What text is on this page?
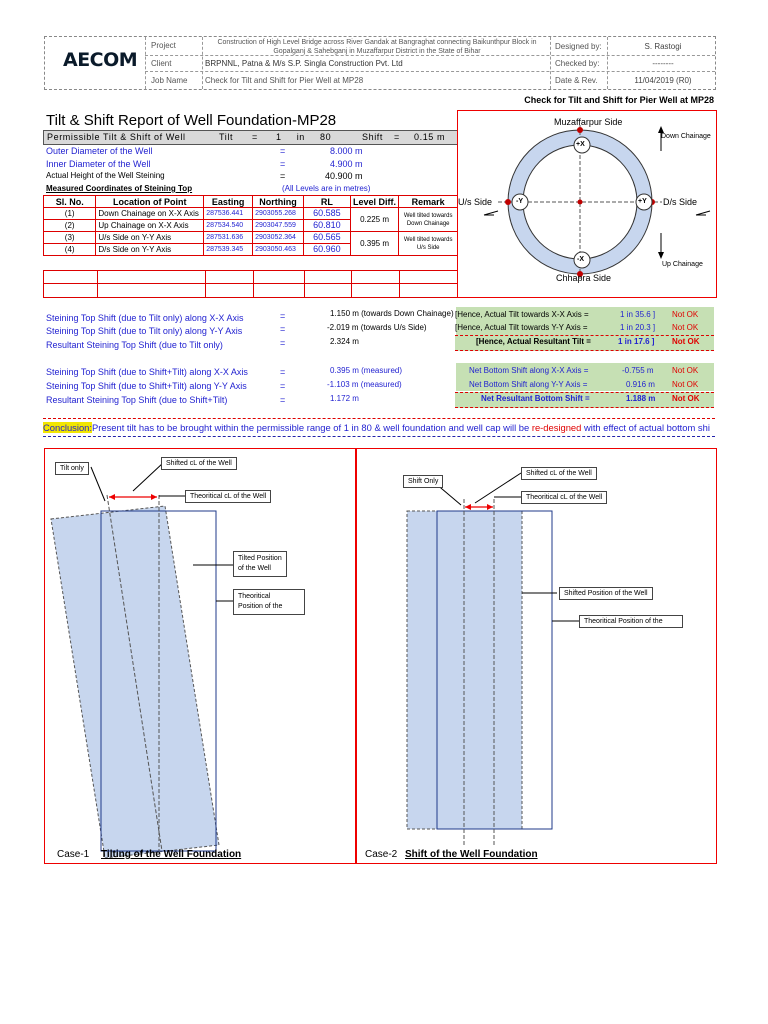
AECOM
Project	Construction of High Level Bridge across River Gandak at Bangraghat connecting Baikunthpur Block in
Gopalganj & Sahebganj in Muzaffarpur District in the State of Bihar
Client	BRPNNL, Patna & M/s S.P. Singla Construction Pvt. Ltd
Job Name Check for Tilt and Shift for Pier Well at MP28
Designed by:	S. Rastogi
Checked by:	--------
Date & Rev.	11/04/2019 (R0)
Check for Tilt and Shift for Pier Well at MP28
Tilt & Shift Report of Well Foundation-MP28
Permissible Tilt & Shift of Well	Tilt = 1 in 80	Shift = 0.15 m
Outer Diameter of the Well	=	8.000 m
Inner Diameter of the Well	=	4.900 m
Actual Height of the Well Steining	=	40.900 m
Measured Coordinates of Steining Top	(All Levels are in metres)
Sl. No.	Location of Point	Easting	Northing	RL	Level Diff.	Remark
(1)	Down Chainage on X-X Axis	287536.441	2903055.268	60.585	0.225 m	Well tilted towards Down Chainage
(2)	Up Chainage on X-X Axis	287534.540	2903047.559	60.810		
(3)	U/s Side on Y-Y Axis	287531.636	2903052.364	60.565	0.395 m	Well tilted towards U/s Side
(4)	D/s Side on Y-Y Axis	287539.345	2903050.463	60.960		
+X
-X
-Y	+Y
Muzaffarpur Side
Chhapra Side
U/s Side	D/s Side
Down Chainage
Up Chainage
Steining Top Shift (due to Tilt only) along X-X Axis	=	1.150 m (towards Down Chainage)
Steining Top Shift (due to Tilt only) along Y-Y Axis	=	-2.019 m (towards U/s Side)
Resultant Steining Top Shift (due to Tilt only)	=	2.324 m
[Hence, Actual Tilt towards X-X Axis =	1 in 35.6 ] Not OK
[Hence, Actual Tilt towards Y-Y Axis =	1 in 20.3 ] Not OK
[Hence, Actual Resultant Tilt =	1 in 17.6 ] Not OK
Steining Top Shift (due to Shift+Tilt) along X-X Axis	=	0.395 m (measured)
Steining Top Shift (due to Shift+Tilt) along Y-Y Axis	=	-1.103 m (measured)
Resultant Steining Top Shift (due to Shift+Tilt)	=	1.172 m
Net Bottom Shift along X-X Axis =	-0.755 m Not OK
Net Bottom Shift along Y-Y Axis =	0.916 m Not OK
Net Resultant Bottom Shift =	1.188 m Not OK
Conclusion:Present tilt has to be brought within the permissible range of 1 in 80 & well foundation and well cap will be re-designed with effect of actual bottom shi
Tilt only
Shifted cL of the Well
Theoritical cL of the Well
Tilted Position
of the Well
Theoritical
Position of the
Case-1 Tilting of the Well Foundation
Shift Only
Shifted cL of the Well
Theoritical cL of the Well
Shifted Position of the Well
Theoritical Position of the
Case-2 Shift of the Well Foundation
